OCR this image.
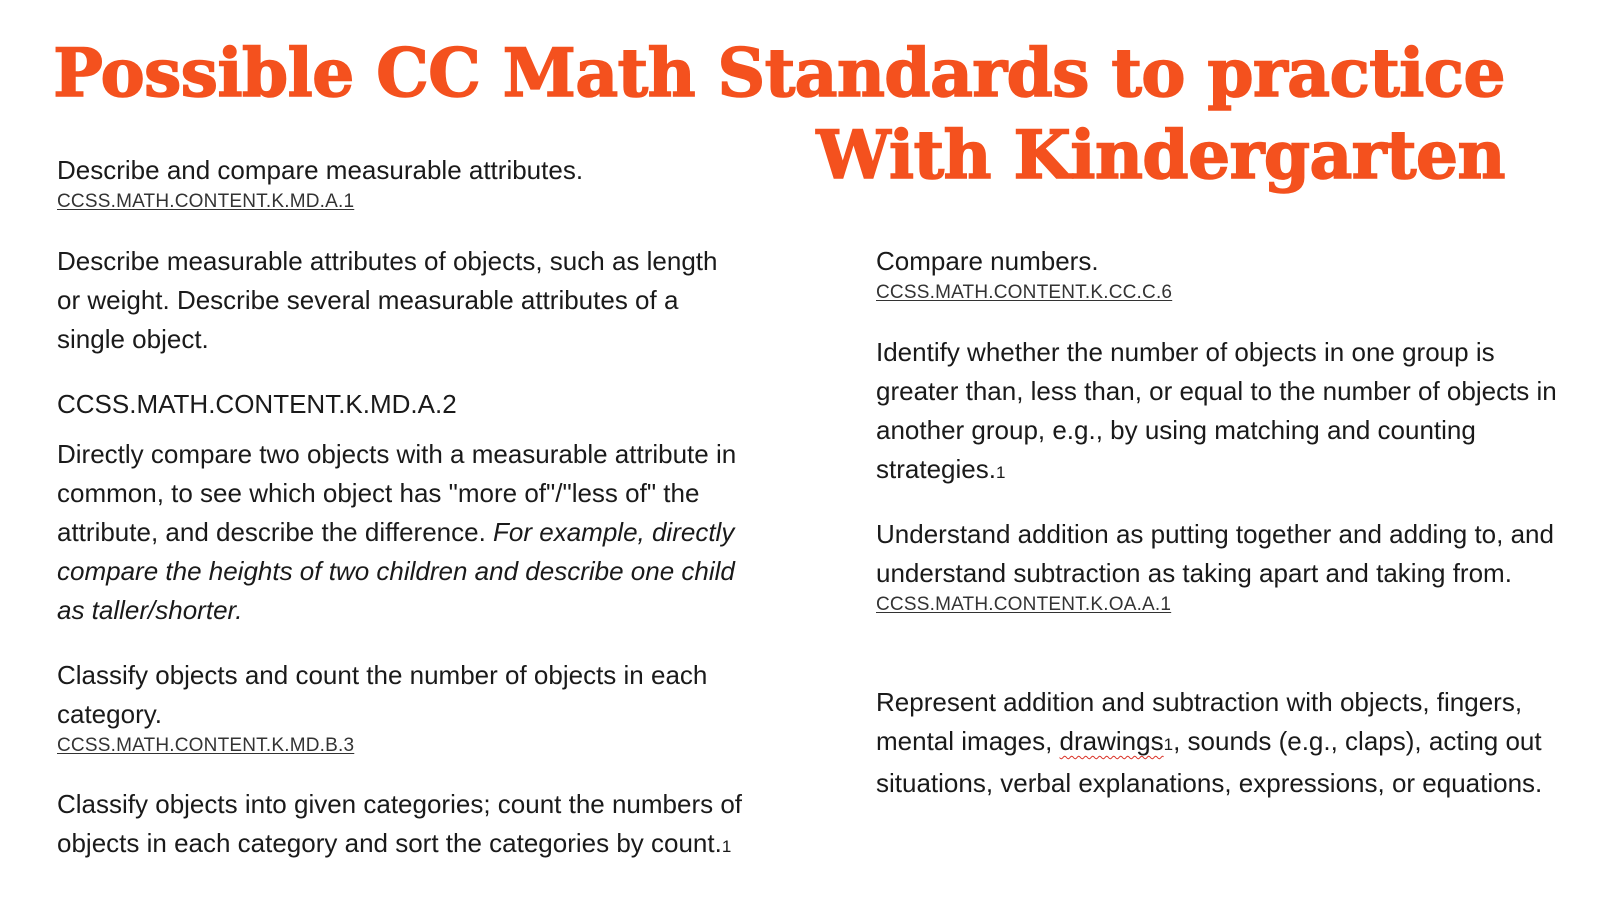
Possible CC Math Standards to practice
With Kindergarten

Describe and compare measurable attributes.

CCSS.MATH.CONTENT.K.MD.A.1

Describe measurable attributes of objects, such as length or weight. Describe several measurable attributes of a single object.

CCSS.MATH.CONTENT.K.MD.A.2

Directly compare two objects with a measurable attribute in common, to see which object has "more of"/"less of" the attribute, and describe the difference. For example, directly compare the heights of two children and describe one child as taller/shorter.

Classify objects and count the number of objects in each category.

CCSS.MATH.CONTENT.K.MD.B.3

Classify objects into given categories; count the numbers of objects in each category and sort the categories by count.1

Compare numbers.

CCSS.MATH.CONTENT.K.CC.C.6

Identify whether the number of objects in one group is greater than, less than, or equal to the number of objects in another group, e.g., by using matching and counting strategies.1

Understand addition as putting together and adding to, and understand subtraction as taking apart and taking from.

CCSS.MATH.CONTENT.K.OA.A.1

Represent addition and subtraction with objects, fingers, mental images, drawings1, sounds (e.g., claps), acting out situations, verbal explanations, expressions, or equations.
